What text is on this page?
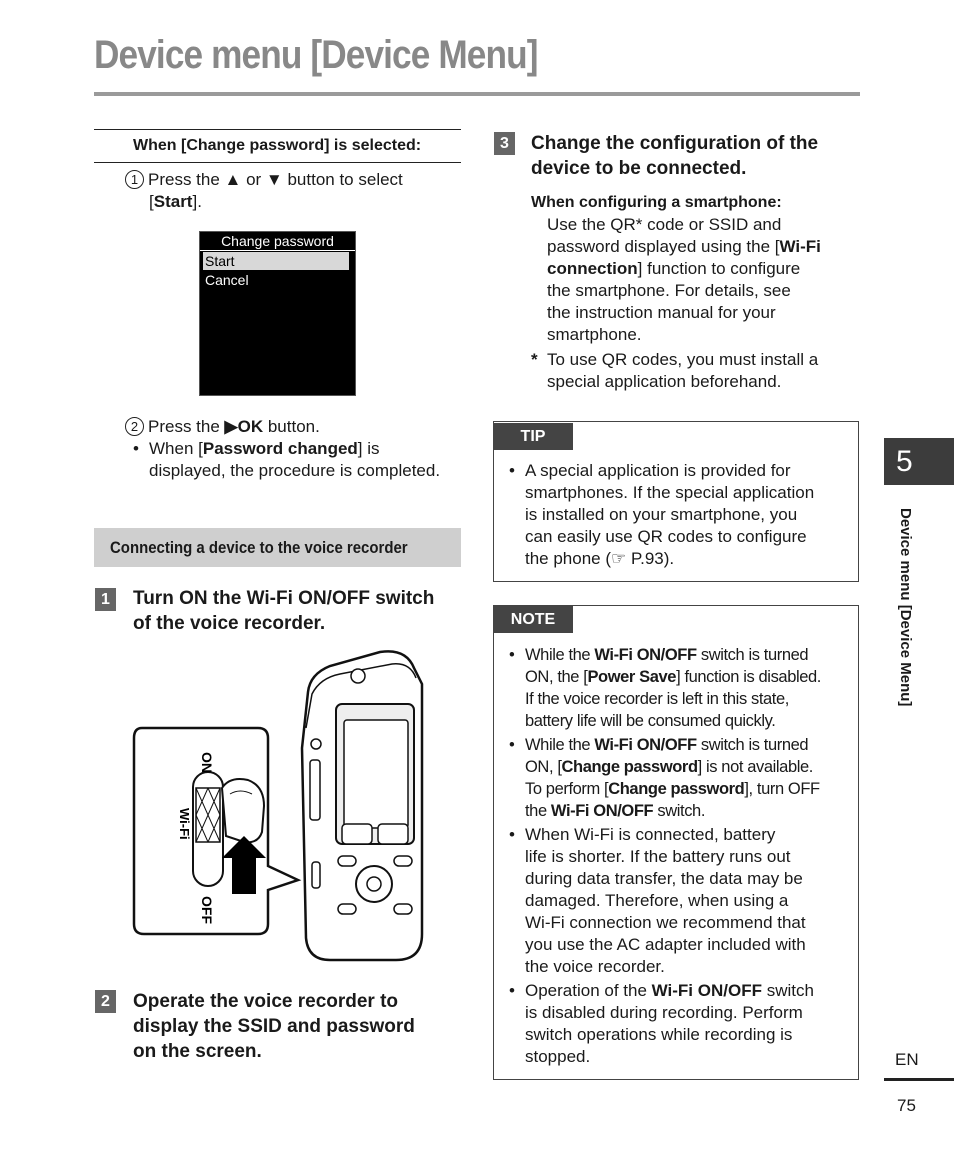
Device menu [Device Menu]
When [Change password] is selected:
1 Press the ▲ or ▼ button to select
[Start].
Change password
Start
Cancel
2 Press the ▶OK button.
• When [Password changed] is
displayed, the procedure is completed.
Connecting a device to the voice recorder
1	Turn ON the Wi-Fi ON/OFF switch
of the voice recorder.
ON
Wi-Fi
OFF
2	Operate the voice recorder to
display the SSID and password
on the screen.
3	Change the configuration of the
device to be connected.
When configuring a smartphone:
Use the QR* code or SSID and
password displayed using the [Wi-Fi
connection] function to configure
the smartphone. For details, see
the instruction manual for your
smartphone.
* To use QR codes, you must install a
special application beforehand.
TIP
• A special application is provided for
smartphones. If the special application
is installed on your smartphone, you
can easily use QR codes to configure
the phone (☞ P.93).
NOTE
• While the Wi-Fi ON/OFF switch is turned
ON, the [Power Save] function is disabled.
If the voice recorder is left in this state,
battery life will be consumed quickly.
• While the Wi-Fi ON/OFF switch is turned
ON, [Change password] is not available.
To perform [Change password], turn OFF
the Wi-Fi ON/OFF switch.
• When Wi-Fi is connected, battery
life is shorter. If the battery runs out
during data transfer, the data may be
damaged. Therefore, when using a
Wi-Fi connection we recommend that
you use the AC adapter included with
the voice recorder.
• Operation of the Wi-Fi ON/OFF switch
is disabled during recording. Perform
switch operations while recording is
stopped.
5
Device menu [Device Menu]
EN
75
